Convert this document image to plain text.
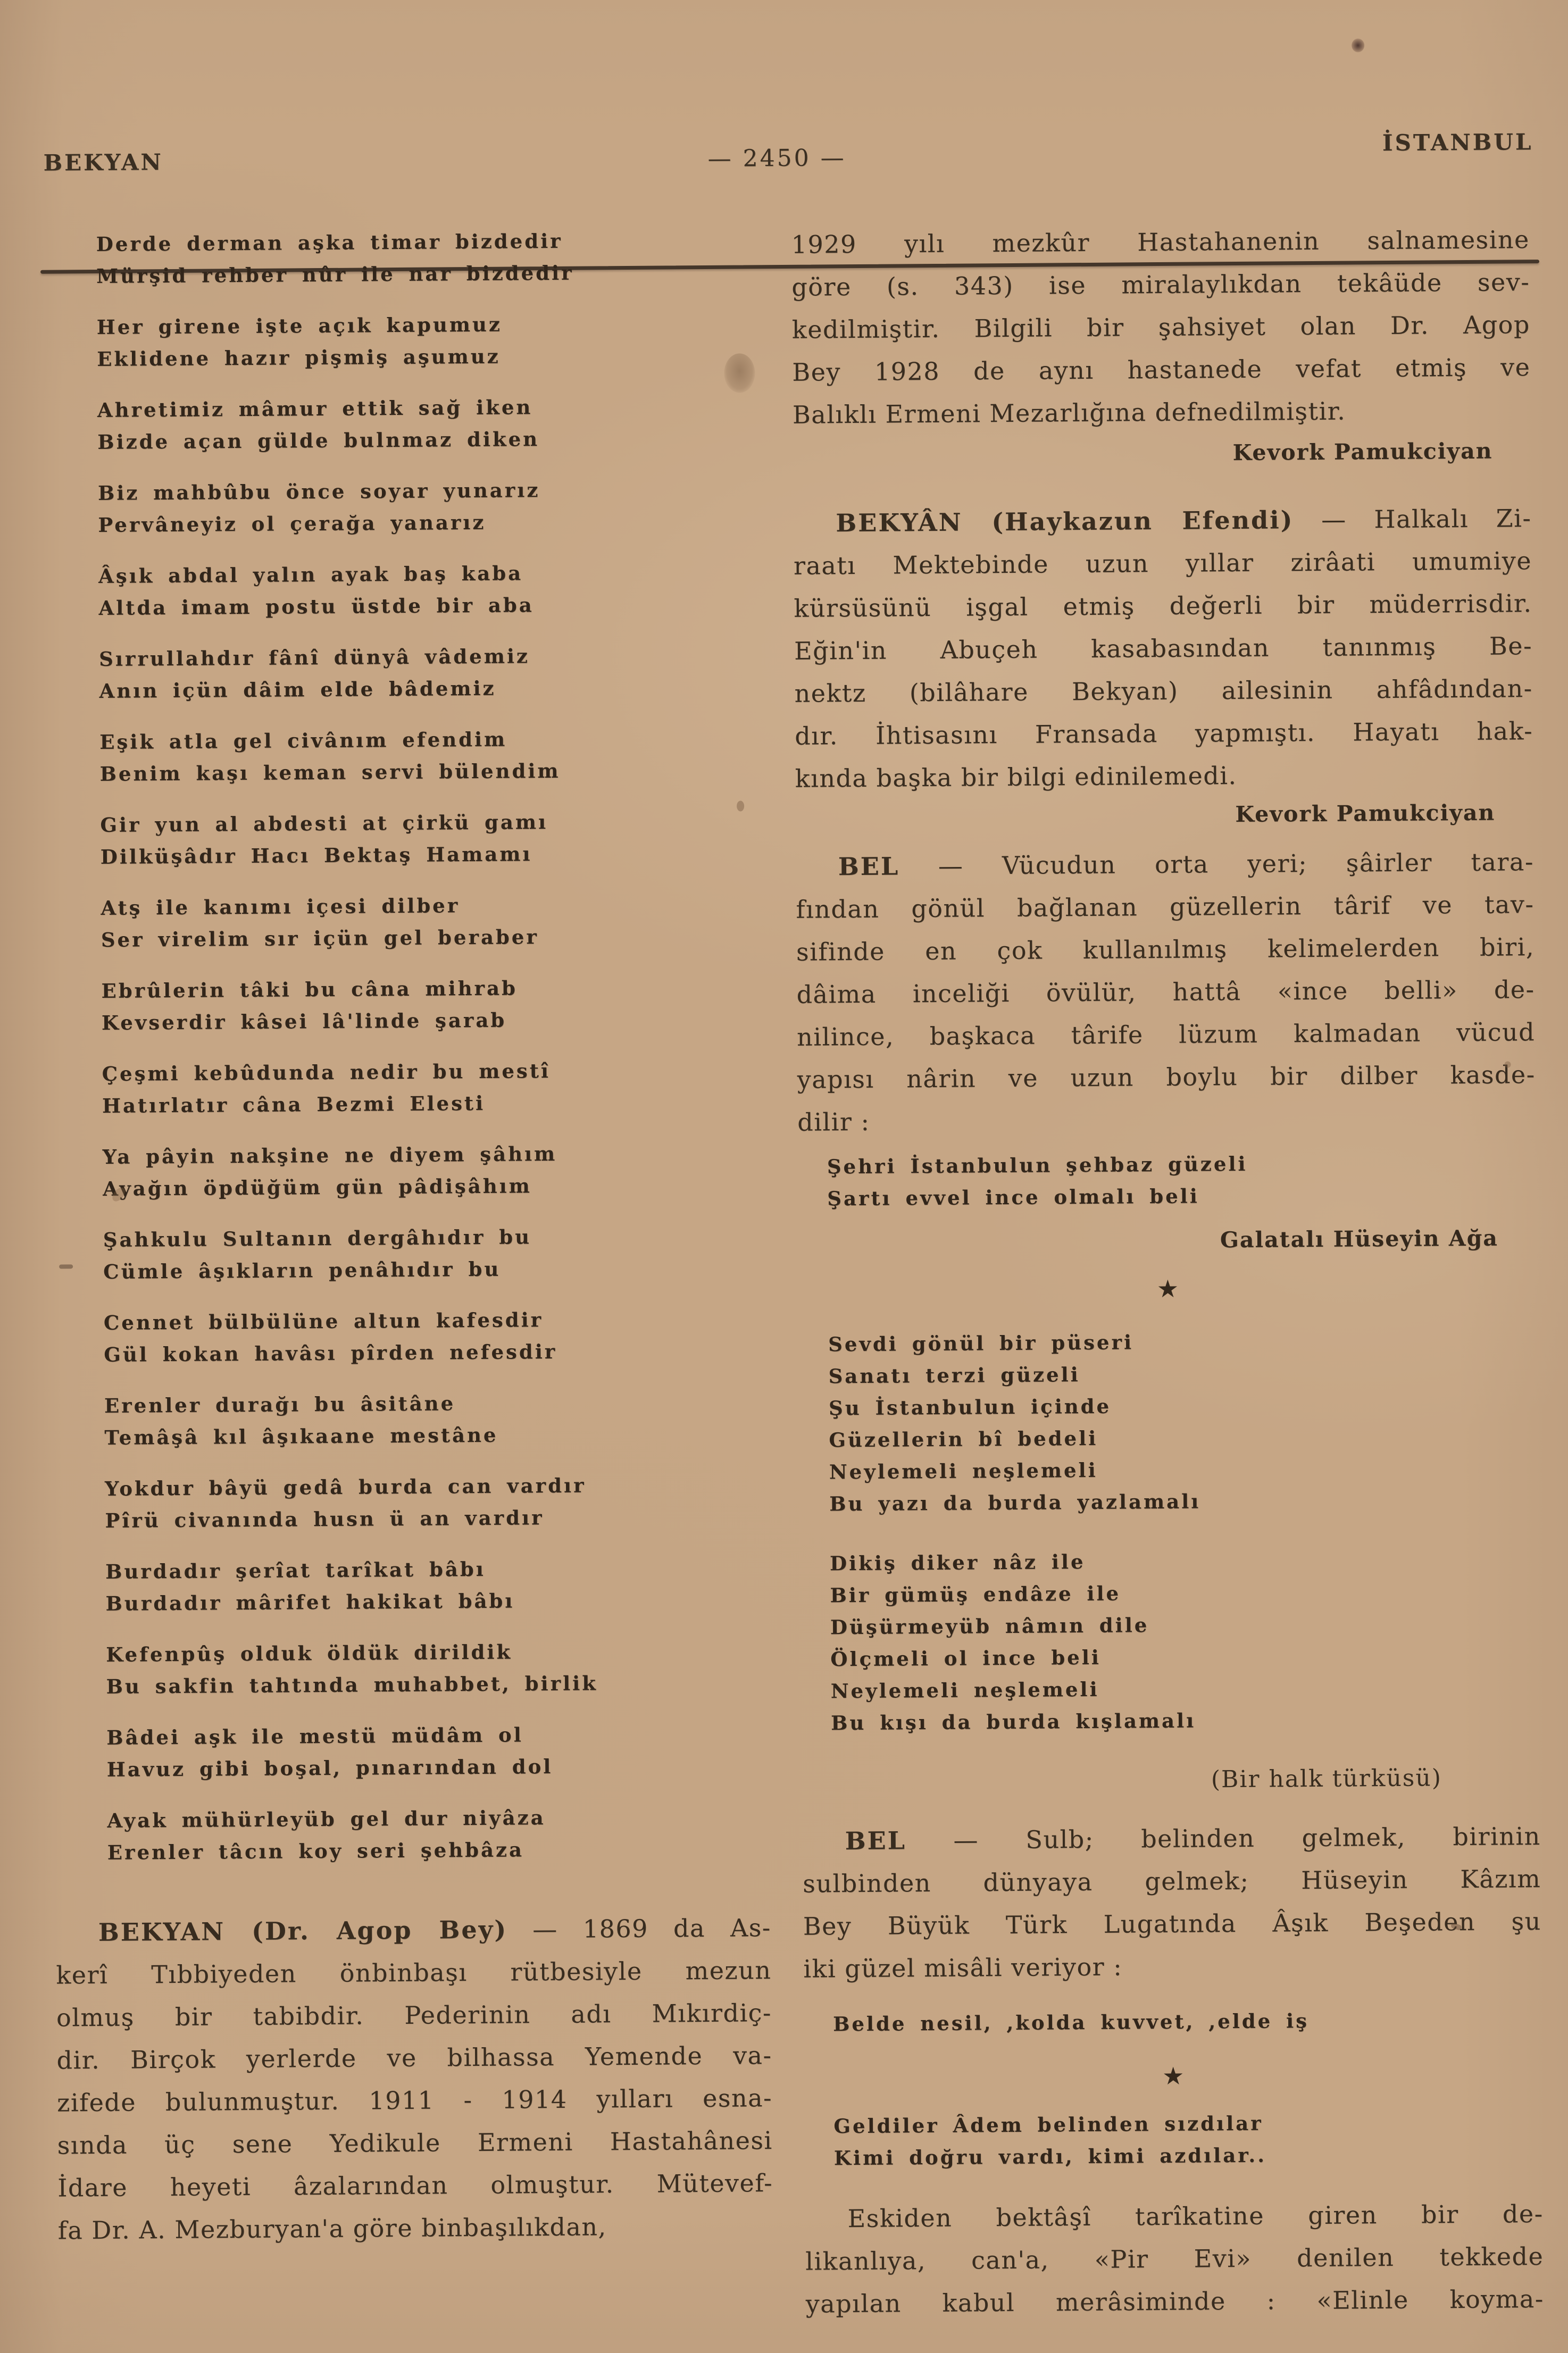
BEKYAN	— 2450 —
İSTANBUL
Derde derman aşka timar bizdedir
Mürşid rehber nûr ile nar bizdedir
Her girene işte açık kapumuz
Eklidene hazır pişmiş aşumuz
Ahretimiz mâmur ettik sağ iken
Bizde açan gülde bulnmaz diken
Biz mahbûbu önce soyar yunarız
Pervâneyiz ol çerağa yanarız
Âşık abdal yalın ayak baş kaba
Altda imam postu üstde bir aba
Sırrullahdır fânî dünyâ vâdemiz
Anın içün dâim elde bâdemiz
Eşik atla gel civânım efendim
Benim kaşı keman servi bülendim
Gir yun al abdesti at çirkü gamı
Dilküşâdır Hacı Bektaş Hamamı
Atş ile kanımı içesi dilber
Ser virelim sır içün gel beraber
Ebrûlerin tâki bu câna mihrab
Kevserdir kâsei lâ'linde şarab
Çeşmi kebûdunda nedir bu mestî
Hatırlatır câna Bezmi Elesti
Ya pâyin nakşine ne diyem şâhım
Ayağın öpdüğüm gün pâdişâhım
Şahkulu Sultanın dergâhıdır bu
Cümle âşıkların penâhıdır bu
Cennet bülbülüne altun kafesdir
Gül kokan havâsı pîrden nefesdir
Erenler durağı bu âsitâne
Temâşâ kıl âşıkaane mestâne
Yokdur bâyü gedâ burda can vardır
Pîrü civanında husn ü an vardır
Burdadır şerîat tarîkat bâbı
Burdadır mârifet hakikat bâbı
Kefenpûş olduk öldük dirildik
Bu sakfin tahtında muhabbet, birlik
Bâdei aşk ile mestü müdâm ol
Havuz gibi boşal, pınarından dol
Ayak mühürleyüb gel dur niyâza
Erenler tâcın koy seri şehbâza
BEKYAN (Dr. Agop Bey) — 1869 da As-
kerî Tıbbiyeden önbinbaşı rütbesiyle mezun
olmuş bir tabibdir. Pederinin adı Mıkırdiç-
dir. Birçok yerlerde ve bilhassa Yemende va-
zifede bulunmuştur. 1911 - 1914 yılları esna-
sında üç sene Yedikule Ermeni Hastahânesi
İdare heyeti âzalarından olmuştur. Mütevef-
fa Dr. A. Mezburyan'a göre binbaşılıkdan,
1929 yılı mezkûr Hastahanenin salnamesine
göre (s. 343) ise miralaylıkdan tekâüde sev-
kedilmiştir. Bilgili bir şahsiyet olan Dr. Agop
Bey 1928 de aynı hastanede vefat etmiş ve
Balıklı Ermeni Mezarlığına defnedilmiştir.
Kevork Pamukciyan
BEKYÂN (Haykazun Efendi) — Halkalı Zi-
raatı Mektebinde uzun yıllar zirâati umumiye
kürsüsünü işgal etmiş değerli bir müderrisdir.
Eğin'in Abuçeh kasabasından tanınmış Be-
nektz (bilâhare Bekyan) ailesinin ahfâdından-
dır. İhtisasını Fransada yapmıştı. Hayatı hak-
kında başka bir bilgi edinilemedi.
Kevork Pamukciyan
BEL — Vücudun orta yeri; şâirler tara-
fından gönül bağlanan güzellerin târif ve tav-
sifinde en çok kullanılmış kelimelerden biri,
dâima inceliği övülür, hattâ «ince belli» de-
nilince, başkaca târife lüzum kalmadan vücud
yapısı nârin ve uzun boylu bir dilber kasde-
dilir :
Şehri İstanbulun şehbaz güzeli
Şartı evvel ince olmalı beli
Galatalı Hüseyin Ağa
★
Sevdi gönül bir püseri
Sanatı terzi güzeli
Şu İstanbulun içinde
Güzellerin bî bedeli
Neylemeli neşlemeli
Bu yazı da burda yazlamalı
Dikiş diker nâz ile
Bir gümüş endâze ile
Düşürmeyüb nâmın dile
Ölçmeli ol ince beli
Neylemeli neşlemeli
Bu kışı da burda kışlamalı
(Bir halk türküsü)
BEL — Sulb; belinden gelmek, birinin
sulbinden dünyaya gelmek; Hüseyin Kâzım
Bey Büyük Türk Lugatında Âşık Beşeden şu
iki güzel misâli veriyor :
Belde nesil, ,kolda kuvvet, ,elde iş
★
Geldiler Âdem belinden sızdılar
Kimi doğru vardı, kimi azdılar..
Eskiden bektâşî tarîkatine giren bir de-
likanlıya, can'a, «Pir Evi» denilen tekkede
yapılan kabul merâsiminde : «Elinle koyma-
